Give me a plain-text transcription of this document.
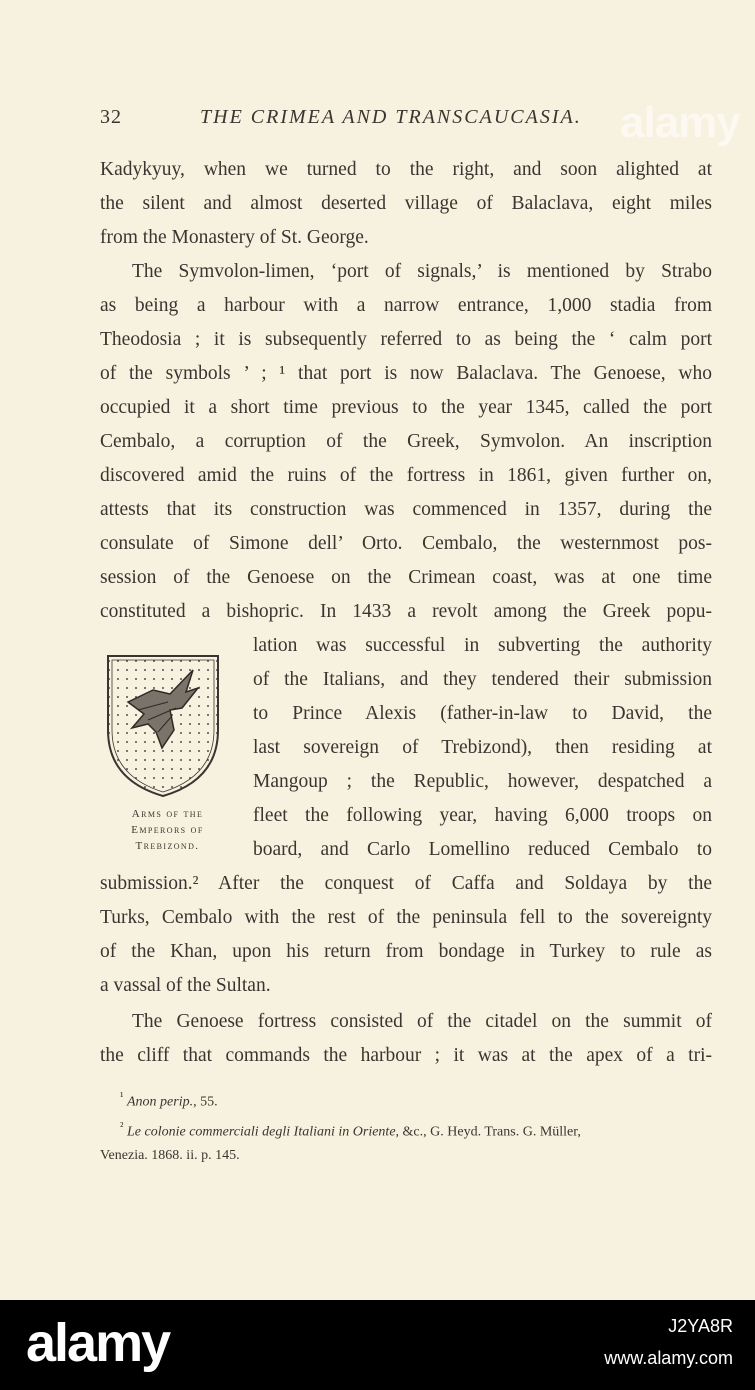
32	THE CRIMEA AND TRANSCAUCASIA. alamy
Kadykyuy, when we turned to the right, and soon alighted at
the silent and almost deserted village of Balaclava, eight miles
from the Monastery of St. George.
The Symvolon-limen, ‘port of signals,’ is mentioned by Strabo
as being a harbour with a narrow entrance, 1,000 stadia from
Theodosia ; it is subsequently referred to as being the ‘ calm port
of the symbols ’ ; ¹ that port is now Balaclava. The Genoese, who
occupied it a short time previous to the year 1345, called the port
Cembalo, a corruption of the Greek, Symvolon. An inscription
discovered amid the ruins of the fortress in 1861, given further on,
attests that its construction was commenced in 1357, during the
consulate of Simone dell’ Orto. Cembalo, the westernmost pos-
session of the Genoese on the Crimean coast, was at one time
constituted a bishopric. In 1433 a revolt among the Greek popu-
Arms of the
Emperors of
Trebizond.
lation was successful in subverting the authority
of the Italians, and they tendered their submission
to Prince Alexis (father-in-law to David, the
last sovereign of Trebizond), then residing at
Mangoup ; the Republic, however, despatched a
fleet the following year, having 6,000 troops on
board, and Carlo Lomellino reduced Cembalo to
submission.² After the conquest of Caffa and Soldaya by the
Turks, Cembalo with the rest of the peninsula fell to the sovereignty
of the Khan, upon his return from bondage in Turkey to rule as
a vassal of the Sultan.
The Genoese fortress consisted of the citadel on the summit of
the cliff that commands the harbour ; it was at the apex of a tri-
$^{^1}$ Anon perip., 55.
$^{^2}$ Le colonie commerciali degli Italiani in Oriente, &c., G. Heyd. Trans. G. Müller,
Venezia. 1868. ii. p. 145.
alamy	J2YA8R
www.alamy.com
